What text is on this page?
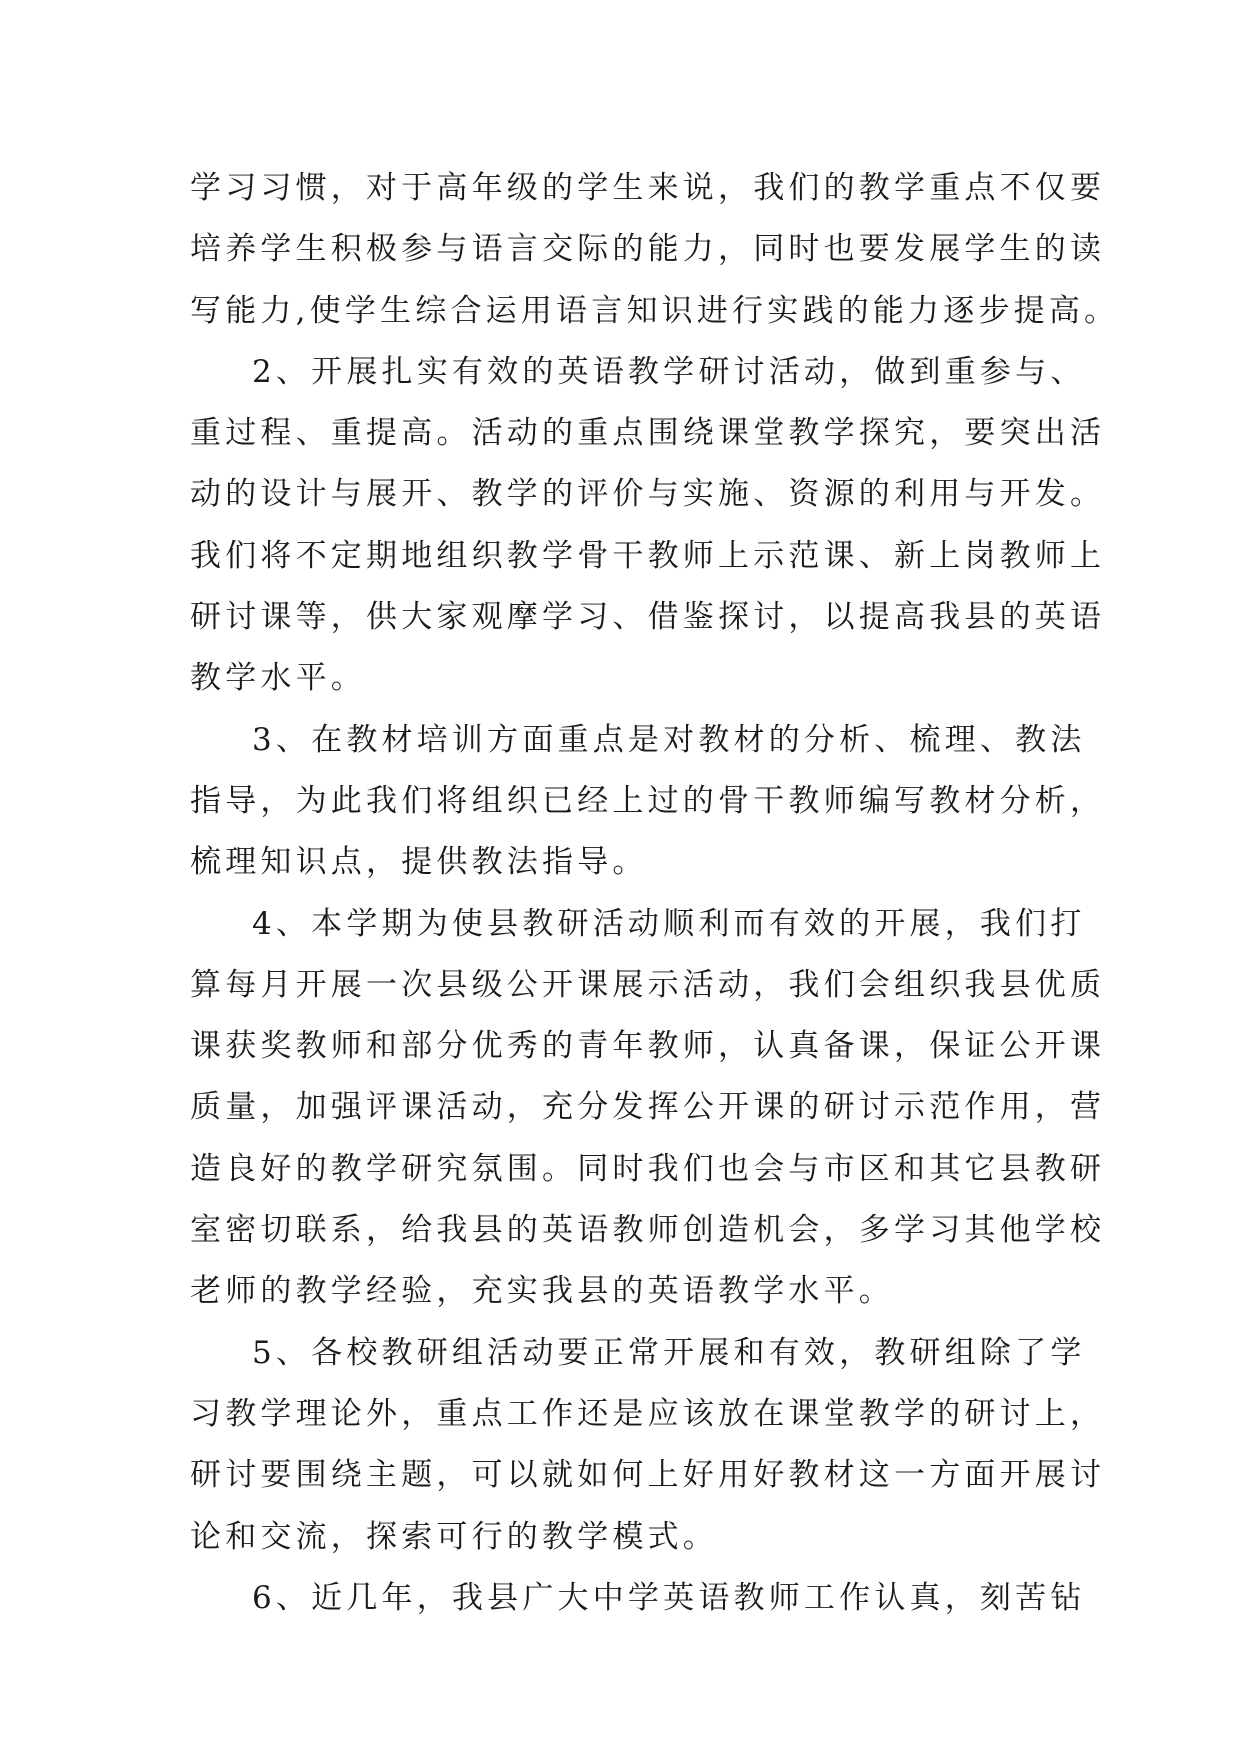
学习习惯，对于高年级的学生来说，我们的教学重点不仅要
培养学生积极参与语言交际的能力，同时也要发展学生的读
写能力,使学生综合运用语言知识进行实践的能力逐步提高。
2、开展扎实有效的英语教学研讨活动，做到重参与、
重过程、重提高。活动的重点围绕课堂教学探究，要突出活
动的设计与展开、教学的评价与实施、资源的利用与开发。
我们将不定期地组织教学骨干教师上示范课、新上岗教师上
研讨课等，供大家观摩学习、借鉴探讨，以提高我县的英语
教学水平。
3、在教材培训方面重点是对教材的分析、梳理、教法
指导，为此我们将组织已经上过的骨干教师编写教材分析，
梳理知识点，提供教法指导。
4、本学期为使县教研活动顺利而有效的开展，我们打
算每月开展一次县级公开课展示活动，我们会组织我县优质
课获奖教师和部分优秀的青年教师，认真备课，保证公开课
质量，加强评课活动，充分发挥公开课的研讨示范作用，营
造良好的教学研究氛围。同时我们也会与市区和其它县教研
室密切联系，给我县的英语教师创造机会，多学习其他学校
老师的教学经验，充实我县的英语教学水平。
5、各校教研组活动要正常开展和有效，教研组除了学
习教学理论外，重点工作还是应该放在课堂教学的研讨上，
研讨要围绕主题，可以就如何上好用好教材这一方面开展讨
论和交流，探索可行的教学模式。
6、近几年，我县广大中学英语教师工作认真，刻苦钻
